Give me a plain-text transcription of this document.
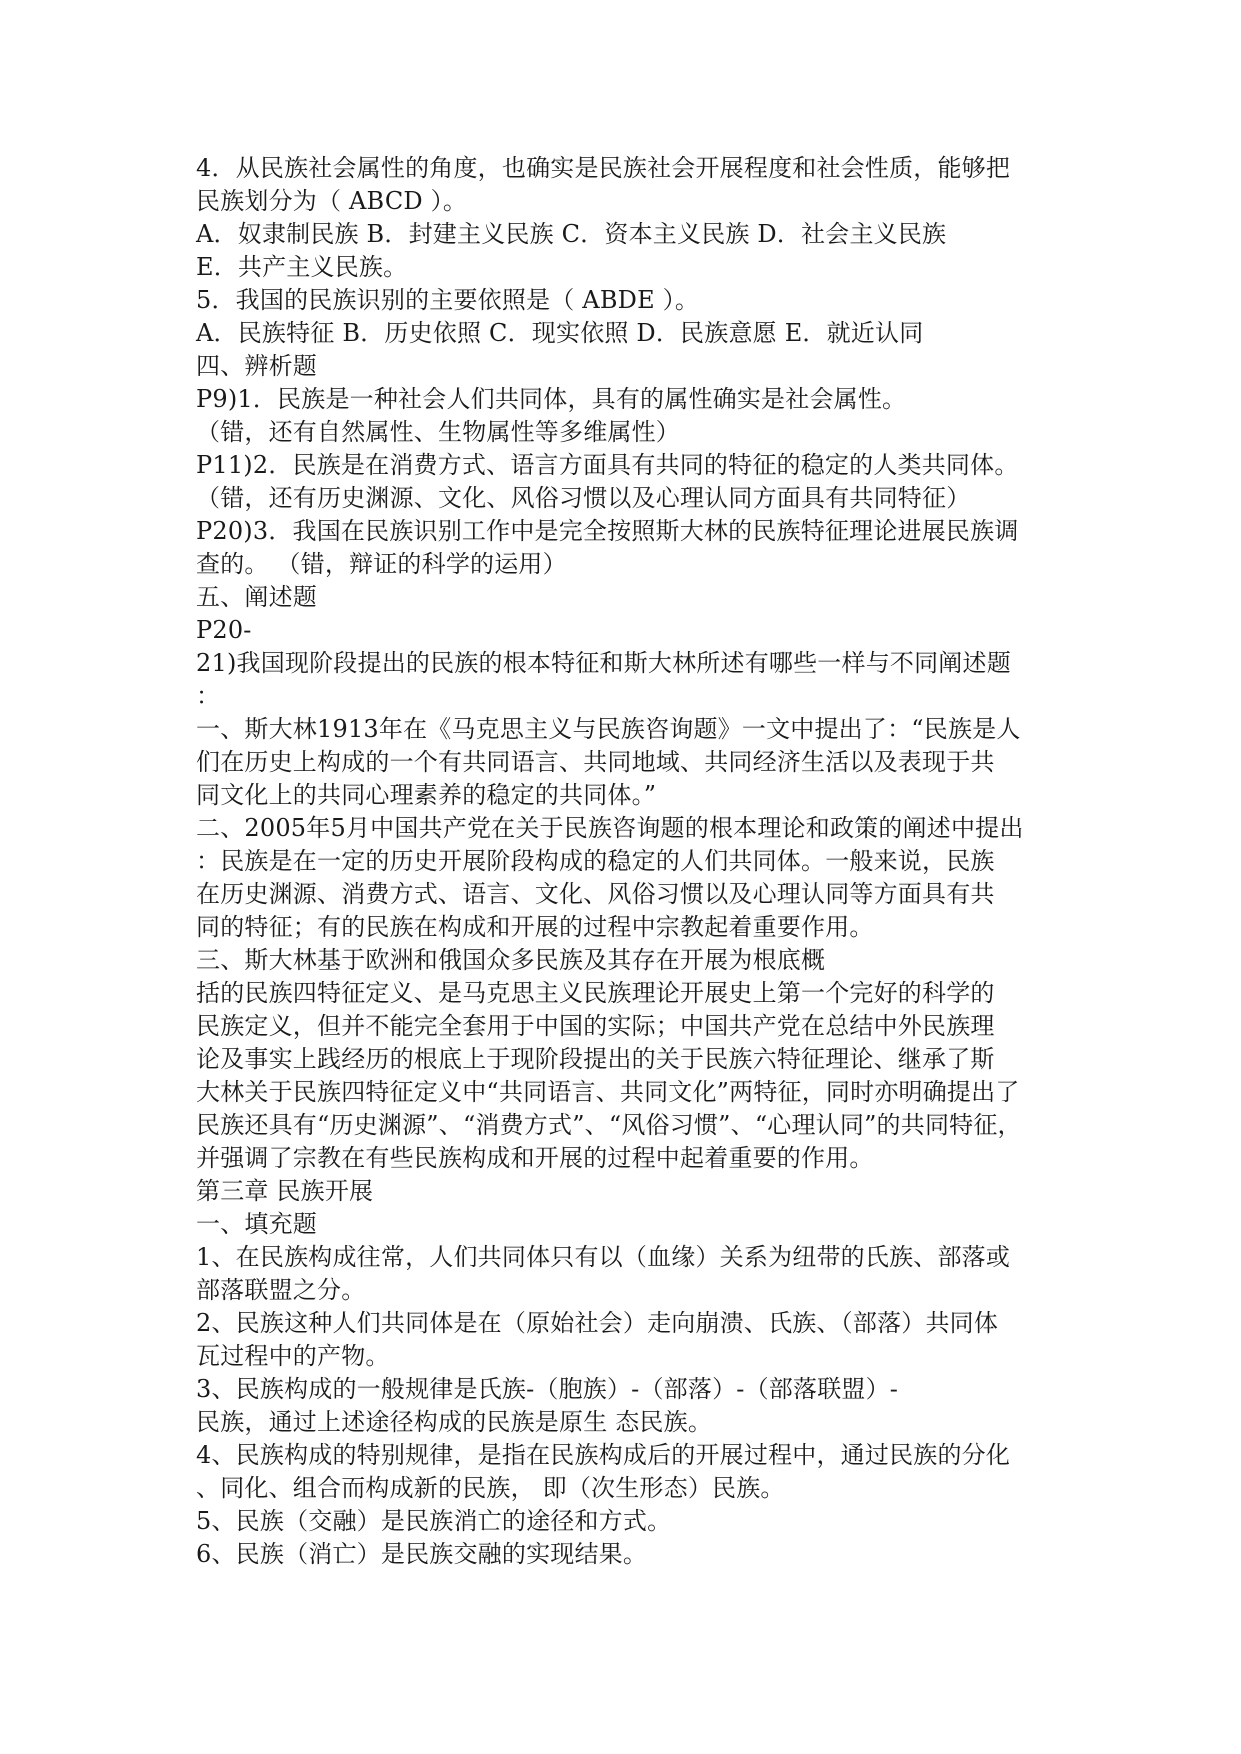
4．从民族社会属性的角度，也确实是民族社会开展程度和社会性质，能够把
民族划分为（ ABCD ）。
A．奴隶制民族 B．封建主义民族 C．资本主义民族 D．社会主义民族
E．共产主义民族。
5．我国的民族识别的主要依照是（ ABDE ）。
A．民族特征 B．历史依照 C．现实依照 D．民族意愿 E．就近认同
四、辨析题
P9)1．民族是一种社会人们共同体，具有的属性确实是社会属性。
（错，还有自然属性、生物属性等多维属性）
P11)2．民族是在消费方式、语言方面具有共同的特征的稳定的人类共同体。
（错，还有历史渊源、文化、风俗习惯以及心理认同方面具有共同特征）
P20)3．我国在民族识别工作中是完全按照斯大林的民族特征理论进展民族调
查的。 （错，辩证的科学的运用）
五、阐述题
P20-
21)我国现阶段提出的民族的根本特征和斯大林所述有哪些一样与不同阐述题
：
一、斯大林1913年在《马克思主义与民族咨询题》一文中提出了：“民族是人
们在历史上构成的一个有共同语言、共同地域、共同经济生活以及表现于共
同文化上的共同心理素养的稳定的共同体。”
二、2005年5月中国共产党在关于民族咨询题的根本理论和政策的阐述中提出
：民族是在一定的历史开展阶段构成的稳定的人们共同体。一般来说，民族
在历史渊源、消费方式、语言、文化、风俗习惯以及心理认同等方面具有共
同的特征；有的民族在构成和开展的过程中宗教起着重要作用。
三、斯大林基于欧洲和俄国众多民族及其存在开展为根底概
括的民族四特征定义、是马克思主义民族理论开展史上第一个完好的科学的
民族定义，但并不能完全套用于中国的实际；中国共产党在总结中外民族理
论及事实上践经历的根底上于现阶段提出的关于民族六特征理论、继承了斯
大林关于民族四特征定义中“共同语言、共同文化”两特征，同时亦明确提出了
民族还具有“历史渊源”、“消费方式”、“风俗习惯”、“心理认同”的共同特征，
并强调了宗教在有些民族构成和开展的过程中起着重要的作用。
第三章 民族开展
一、填充题
1、在民族构成往常，人们共同体只有以（血缘）关系为纽带的氏族、部落或
部落联盟之分。
2、民族这种人们共同体是在（原始社会）走向崩溃、氏族、（部落）共同体
瓦过程中的产物。
3、民族构成的一般规律是氏族-（胞族）-（部落）-（部落联盟）-
民族，通过上述途径构成的民族是原生 态民族。
4、民族构成的特别规律，是指在民族构成后的开展过程中，通过民族的分化
、同化、组合而构成新的民族， 即（次生形态）民族。
5、民族（交融）是民族消亡的途径和方式。
6、民族（消亡）是民族交融的实现结果。
